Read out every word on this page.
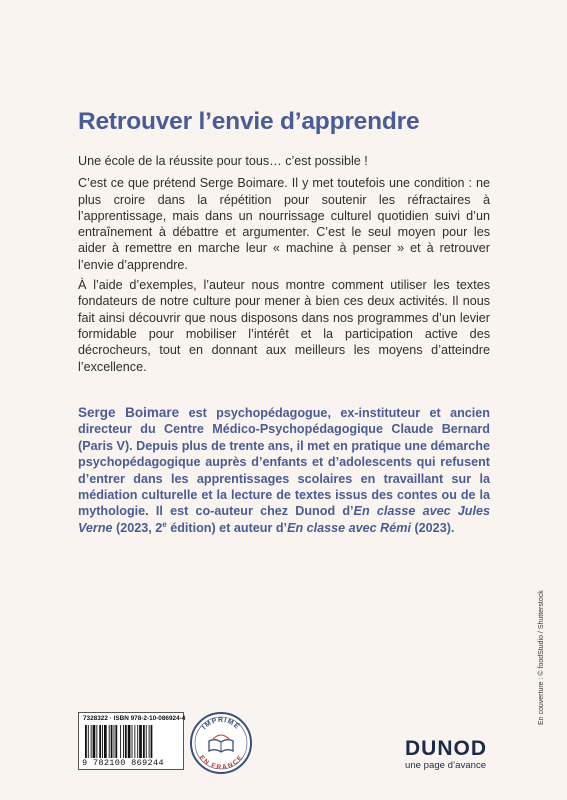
Retrouver l’envie d’apprendre

Une école de la réussite pour tous… c’est possible !

C’est ce que prétend Serge Boimare. Il y met toutefois une condition : ne plus croire dans la répétition pour soutenir les réfractaires à l’apprentissage, mais dans un nourrissage culturel quotidien suivi d’un entraînement à débattre et argumenter. C’est le seul moyen pour les aider à remettre en marche leur « machine à penser » et à retrouver l’envie d’apprendre.

À l’aide d’exemples, l’auteur nous montre comment utiliser les textes fondateurs de notre culture pour mener à bien ces deux activités. Il nous fait ainsi découvrir que nous disposons dans nos programmes d’un levier formidable pour mobiliser l’intérêt et la participation active des décrocheurs, tout en donnant aux meilleurs les moyens d’atteindre l’excellence.

Serge Boimare est psychopédagogue, ex-instituteur et ancien directeur du Centre Médico-Psychopédagogique Claude Bernard (Paris V). Depuis plus de trente ans, il met en pratique une démarche psychopédagogique auprès d’enfants et d’adolescents qui refusent d’entrer dans les apprentissages scolaires en travaillant sur la médiation culturelle et la lecture de textes issus des contes ou de la mythologie. Il est co-auteur chez Dunod d’En classe avec Jules Verne (2023, 2e édition) et auteur d’En classe avec Rémi (2023).

En couverture : © foodStudio / Shutterstock
7328322 · ISBN 978-2-10-086924-4
9 782100 869244
IMPRIMÉ
EN FRANCE	DUNOD
une page d’avance
